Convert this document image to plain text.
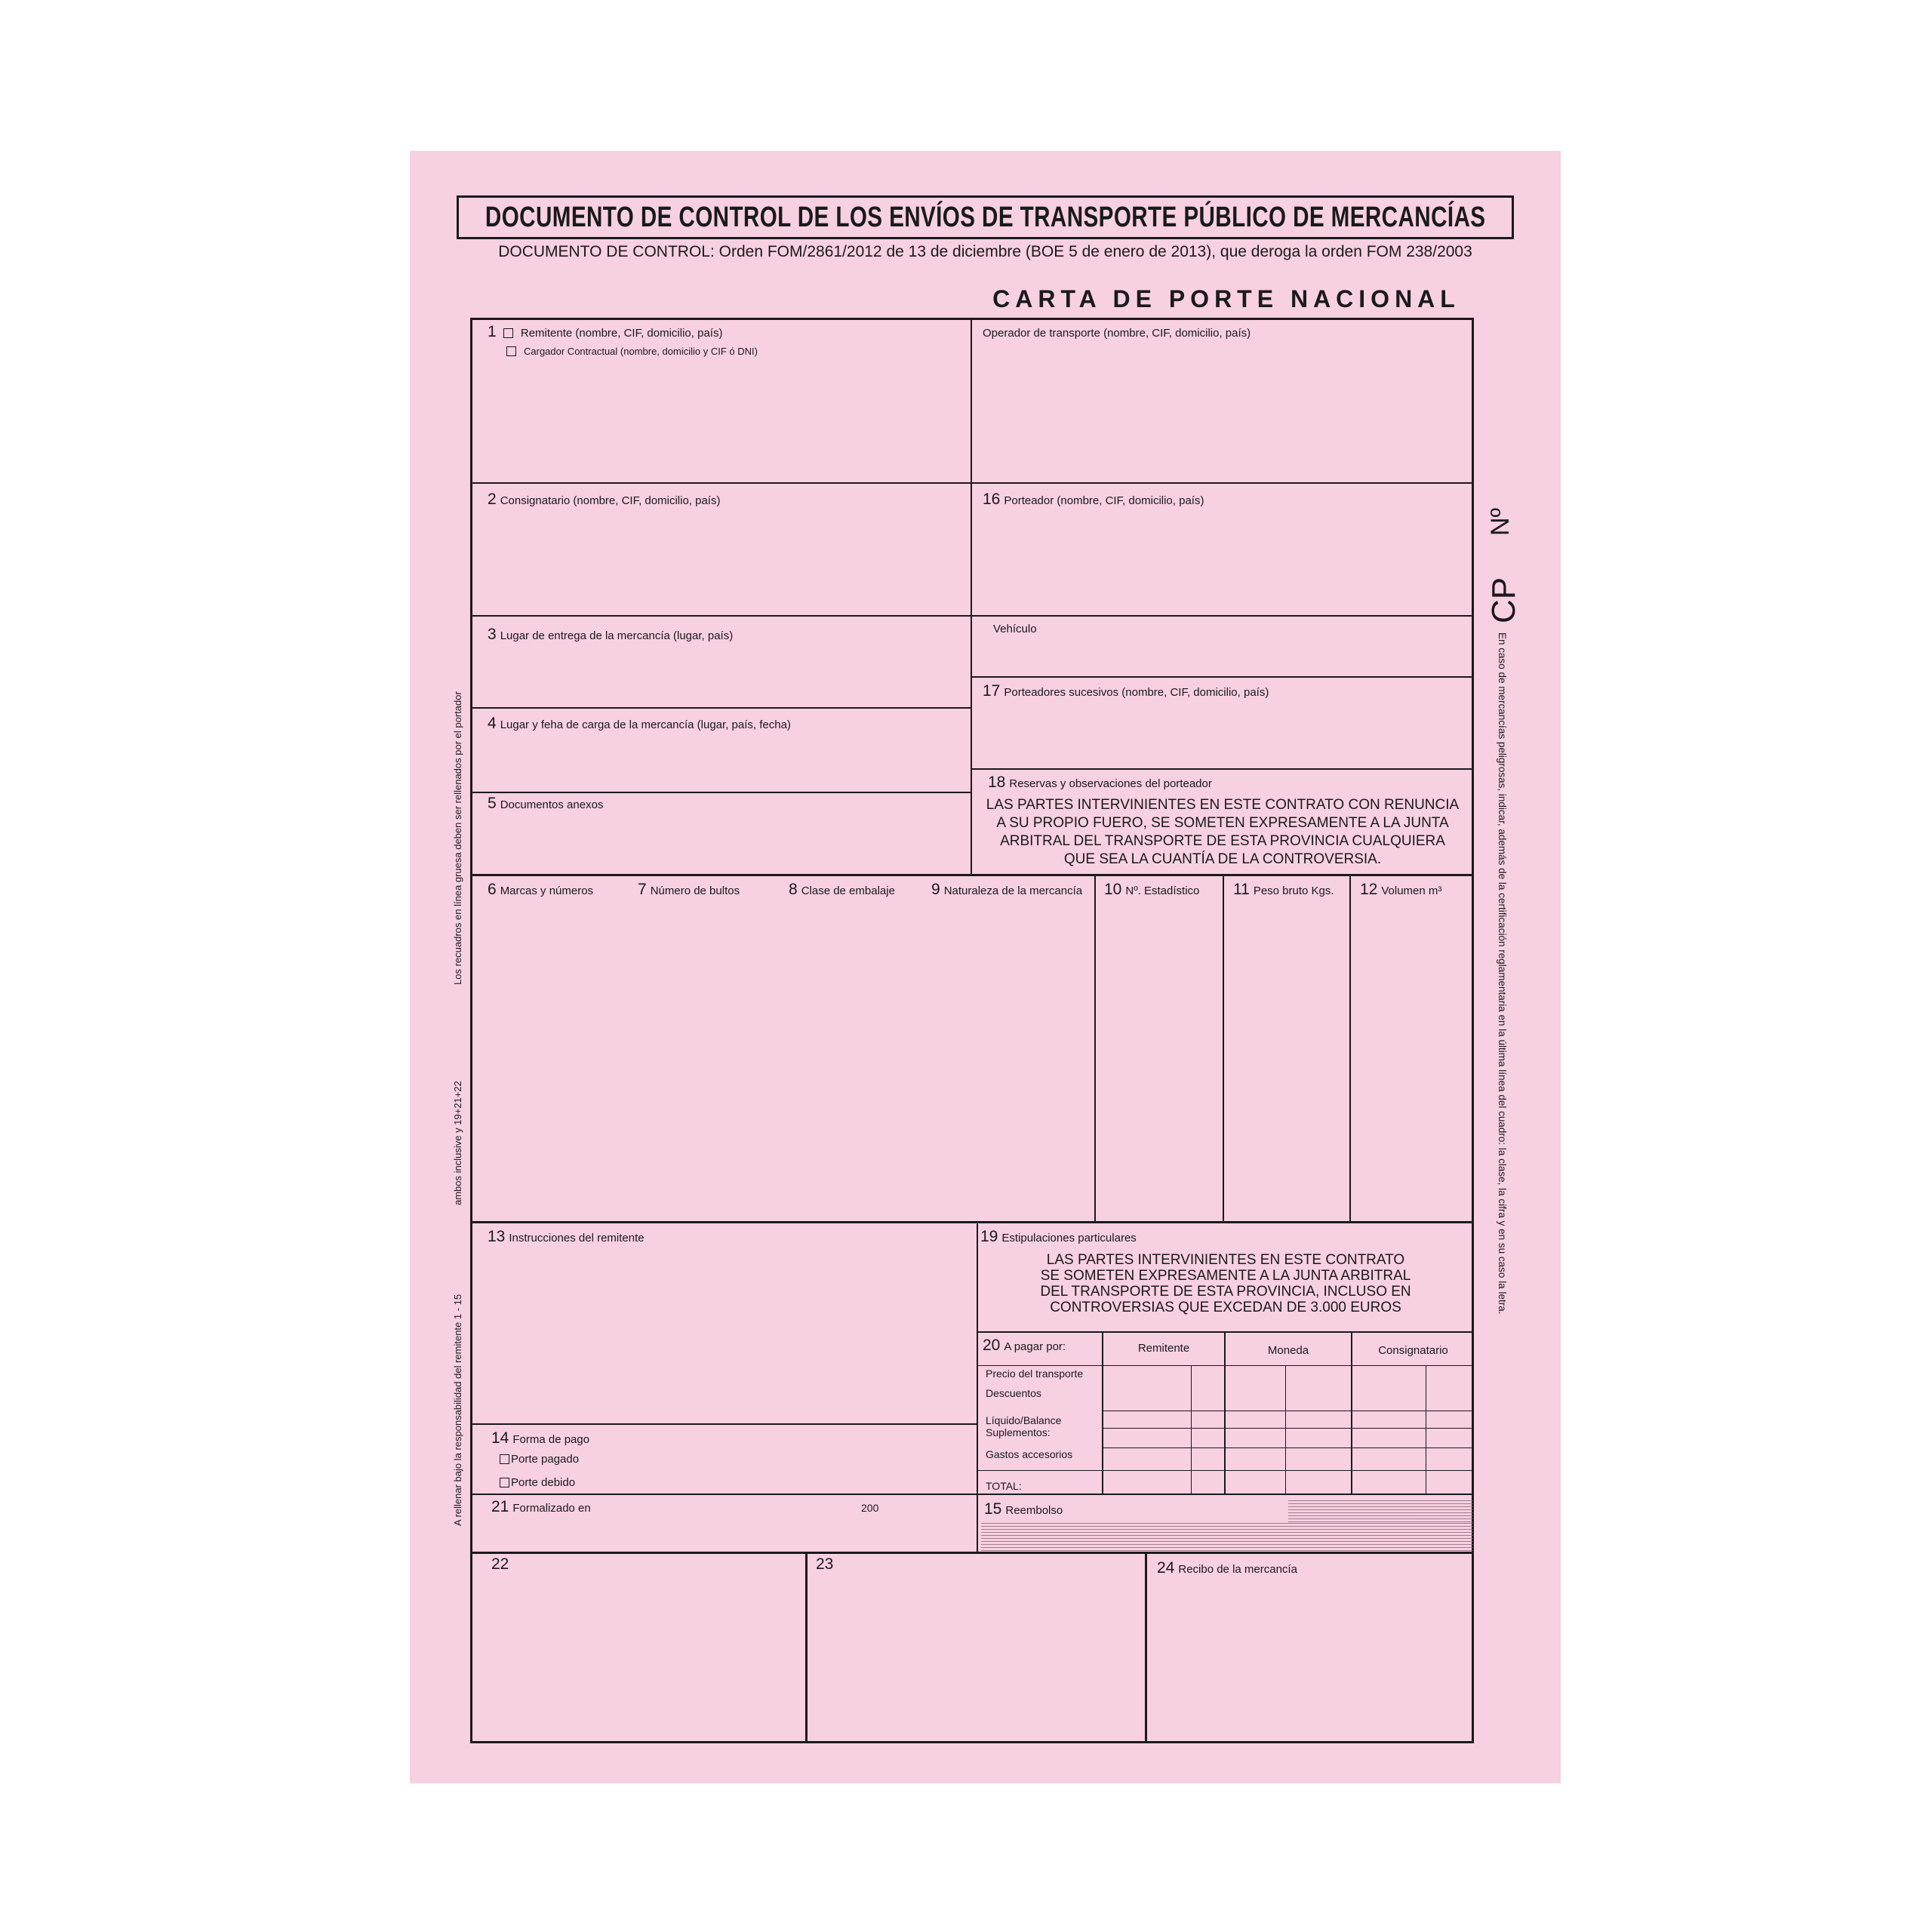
DOCUMENTO DE CONTROL DE LOS ENVÍOS DE TRANSPORTE PÚBLICO DE MERCANCÍAS
DOCUMENTO DE CONTROL: Orden FOM/2861/2012 de 13 de diciembre (BOE 5 de enero de 2013), que deroga la orden FOM 238/2003
CARTA DE PORTE NACIONAL
1 Remitente (nombre, CIF, domicilio, país)
Cargador Contractual (nombre, domicilio y CIF ó DNI)
Operador de transporte (nombre, CIF, domicilio, país)
2 Consignatario (nombre, CIF, domicilio, país)	16 Porteador (nombre, CIF, domicilio, país)
3 Lugar de entrega de la mercancía (lugar, país)
Vehículo
17 Porteadores sucesivos (nombre, CIF, domicilio, país)
4 Lugar y feha de carga de la mercancía (lugar, país, fecha)
18 Reservas y observaciones del porteador
LAS PARTES INTERVINIENTES EN ESTE CONTRATO CON RENUNCIA
A SU PROPIO FUERO, SE SOMETEN EXPRESAMENTE A LA JUNTA
ARBITRAL DEL TRANSPORTE DE ESTA PROVINCIA CUALQUIERA
QUE SEA LA CUANTÍA DE LA CONTROVERSIA.
5 Documentos anexos
6 Marcas y números	7 Número de bultos	8 Clase de embalaje 9 Naturaleza de la mercancía 10 Nº. Estadístico 11 Peso bruto Kgs. 12 Volumen m³
13 Instrucciones del remitente	19 Estipulaciones particulares
LAS PARTES INTERVINIENTES EN ESTE CONTRATO
SE SOMETEN EXPRESAMENTE A LA JUNTA ARBITRAL
DEL TRANSPORTE DE ESTA PROVINCIA, INCLUSO EN
CONTROVERSIAS QUE EXCEDAN DE 3.000 EUROS
20 A pagar por:	Remitente	Moneda	Consignatario
Precio del transporte
Descuentos
Líquido/Balance
Suplementos:
Gastos accesorios
TOTAL:
14 Forma de pago
Porte pagado
Porte debido
21 Formalizado en	200	15 Reembolso
22	23	24 Recibo de la mercancía
CP
Nº
En caso de mercancías peligrosas, indicar, además de la certificación reglamentaria en la última línea del cuadro: la clase, la cifra y en su caso la letra.
A rellenar bajo la responsabilidad del remitente 1 - 15
ambos inclusive y 19+21+22
Los recuadros en línea gruesa deben ser rellenados por el portador
